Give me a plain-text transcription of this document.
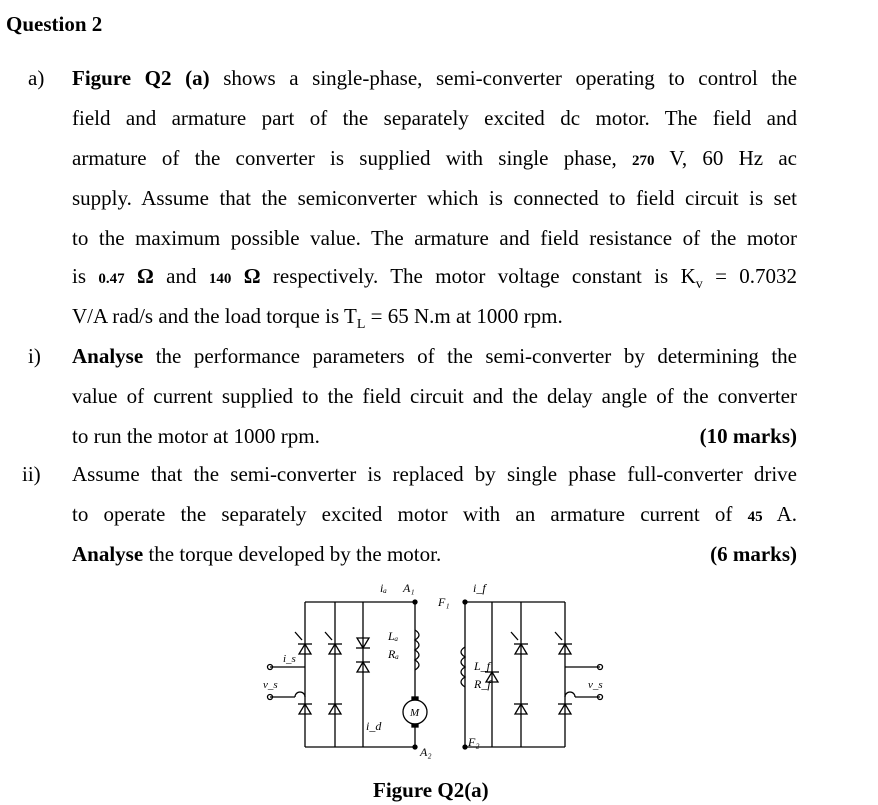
Question 2
a) Figure Q2 (a) shows a single-phase, semi-converter operating to control the
field and armature part of the separately excited dc motor. The field and
armature of the converter is supplied with single phase, 270 V, 60 Hz ac
supply. Assume that the semiconverter which is connected to field circuit is set
to the maximum possible value. The armature and field resistance of the motor
is 0.47 Ω and 140 Ω respectively. The motor voltage constant is $K_v = 0.7032$
V/A rad/s and the load torque is $T_L = 65$ N.m at 1000 rpm.
i) Analyse the performance parameters of the semi-converter by determining the
value of current supplied to the field circuit and the delay angle of the converter
to run the motor at 1000 rpm.	(10 marks)
ii) Assume that the semi-converter is replaced by single phase full-converter drive
to operate the separately excited motor with an armature current of 45 A.
Analyse the torque developed by the motor.	(6 marks)
iₐ A₁
F₁
i_f
Lₐ
Rₐ
L_f
R_f
M
i_d
A₂
F₂
v_s	v_s
i_s
Figure Q2(a)
